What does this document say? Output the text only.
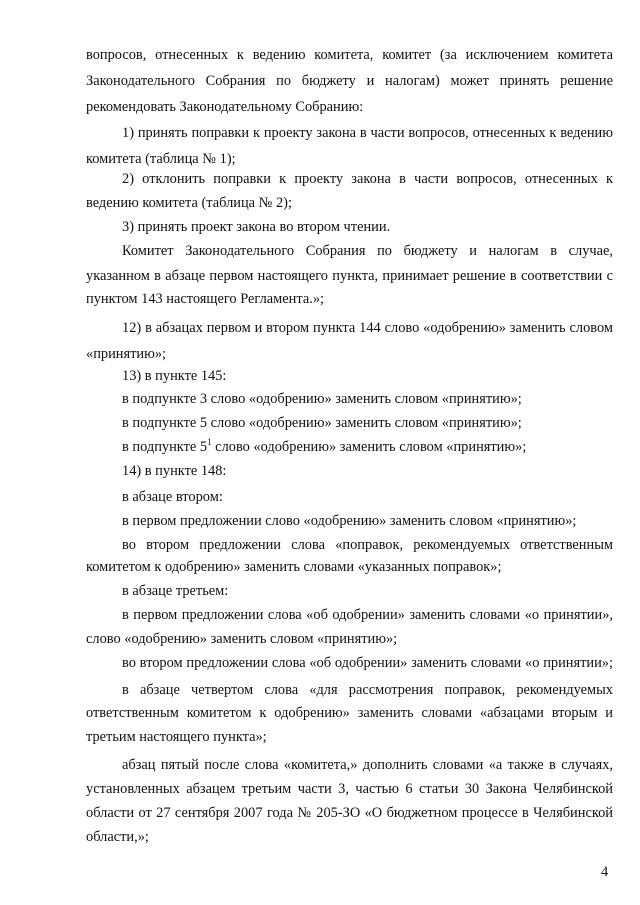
вопросов, отнесенных к ведению комитета, комитет (за исключением комитета
Законодательного Собрания по бюджету и налогам) может принять решение
рекомендовать Законодательному Собранию:
1) принять поправки к проекту закона в части вопросов, отнесенных к ведению
комитета (таблица № 1);
2) отклонить поправки к проекту закона в части вопросов, отнесенных к
ведению комитета (таблица № 2);
3) принять проект закона во втором чтении.
Комитет Законодательного Собрания по бюджету и налогам в случае,
указанном в абзаце первом настоящего пункта, принимает решение в соответствии с
пунктом 143 настоящего Регламента.»;
12) в абзацах первом и втором пункта 144 слово «одобрению» заменить словом
«принятию»;
13) в пункте 145:
в подпункте 3 слово «одобрению» заменить словом «принятию»;
в подпункте 5 слово «одобрению» заменить словом «принятию»;
в подпункте $5^1$ слово «одобрению» заменить словом «принятию»;
14) в пункте 148:
в абзаце втором:
в первом предложении слово «одобрению» заменить словом «принятию»;
во втором предложении слова «поправок, рекомендуемых ответственным
комитетом к одобрению» заменить словами «указанных поправок»;
в абзаце третьем:
в первом предложении слова «об одобрении» заменить словами «о принятии»,
слово «одобрению» заменить словом «принятию»;
во втором предложении слова «об одобрении» заменить словами «о принятии»;
в абзаце четвертом слова «для рассмотрения поправок, рекомендуемых
ответственным комитетом к одобрению» заменить словами «абзацами вторым и
третьим настоящего пункта»;
абзац пятый после слова «комитета,» дополнить словами «а также в случаях,
установленных абзацем третьим части 3, частью 6 статьи 30 Закона Челябинской
области от 27 сентября 2007 года № 205-ЗО «О бюджетном процессе в Челябинской
области,»;
4
